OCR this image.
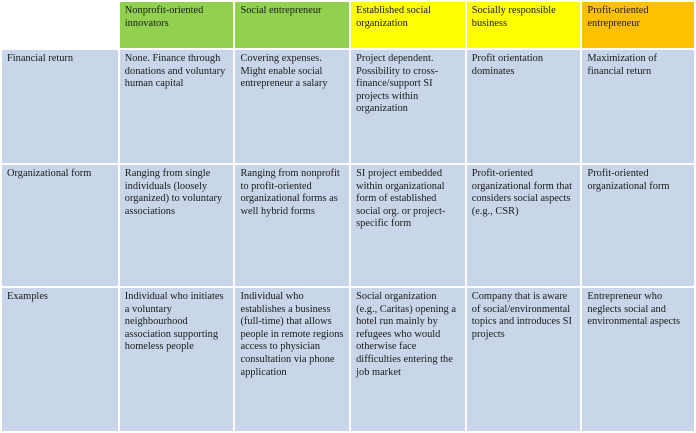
	Nonprofit-oriented innovators	Social entrepreneur	Established social organization	Socially responsible business	Profit-oriented entrepreneur
Financial return	None. Finance through donations and voluntary human capital	Covering expenses. Might enable social entrepreneur a salary	Project dependent. Possibility to cross-finance/support SI projects within organization	Profit orientation dominates	Maximization of financial return
Organizational form	Ranging from single individuals (loosely organized) to voluntary associations	Ranging from nonprofit to profit-oriented organizational forms as well hybrid forms	SI project embedded within organizational form of established social org. or project-specific form	Profit-oriented organizational form that considers social aspects (e.g., CSR)	Profit-oriented organizational form
Examples	Individual who initiates a voluntary neighbourhood association supporting homeless people	Individual who establishes a business (full-time) that allows people in remote regions access to physician consultation via phone application	Social organization (e.g., Caritas) opening a hotel run mainly by refugees who would otherwise face difficulties entering the job market	Company that is aware of social/environmental topics and introduces SI projects	Entrepreneur who neglects social and environmental aspects
